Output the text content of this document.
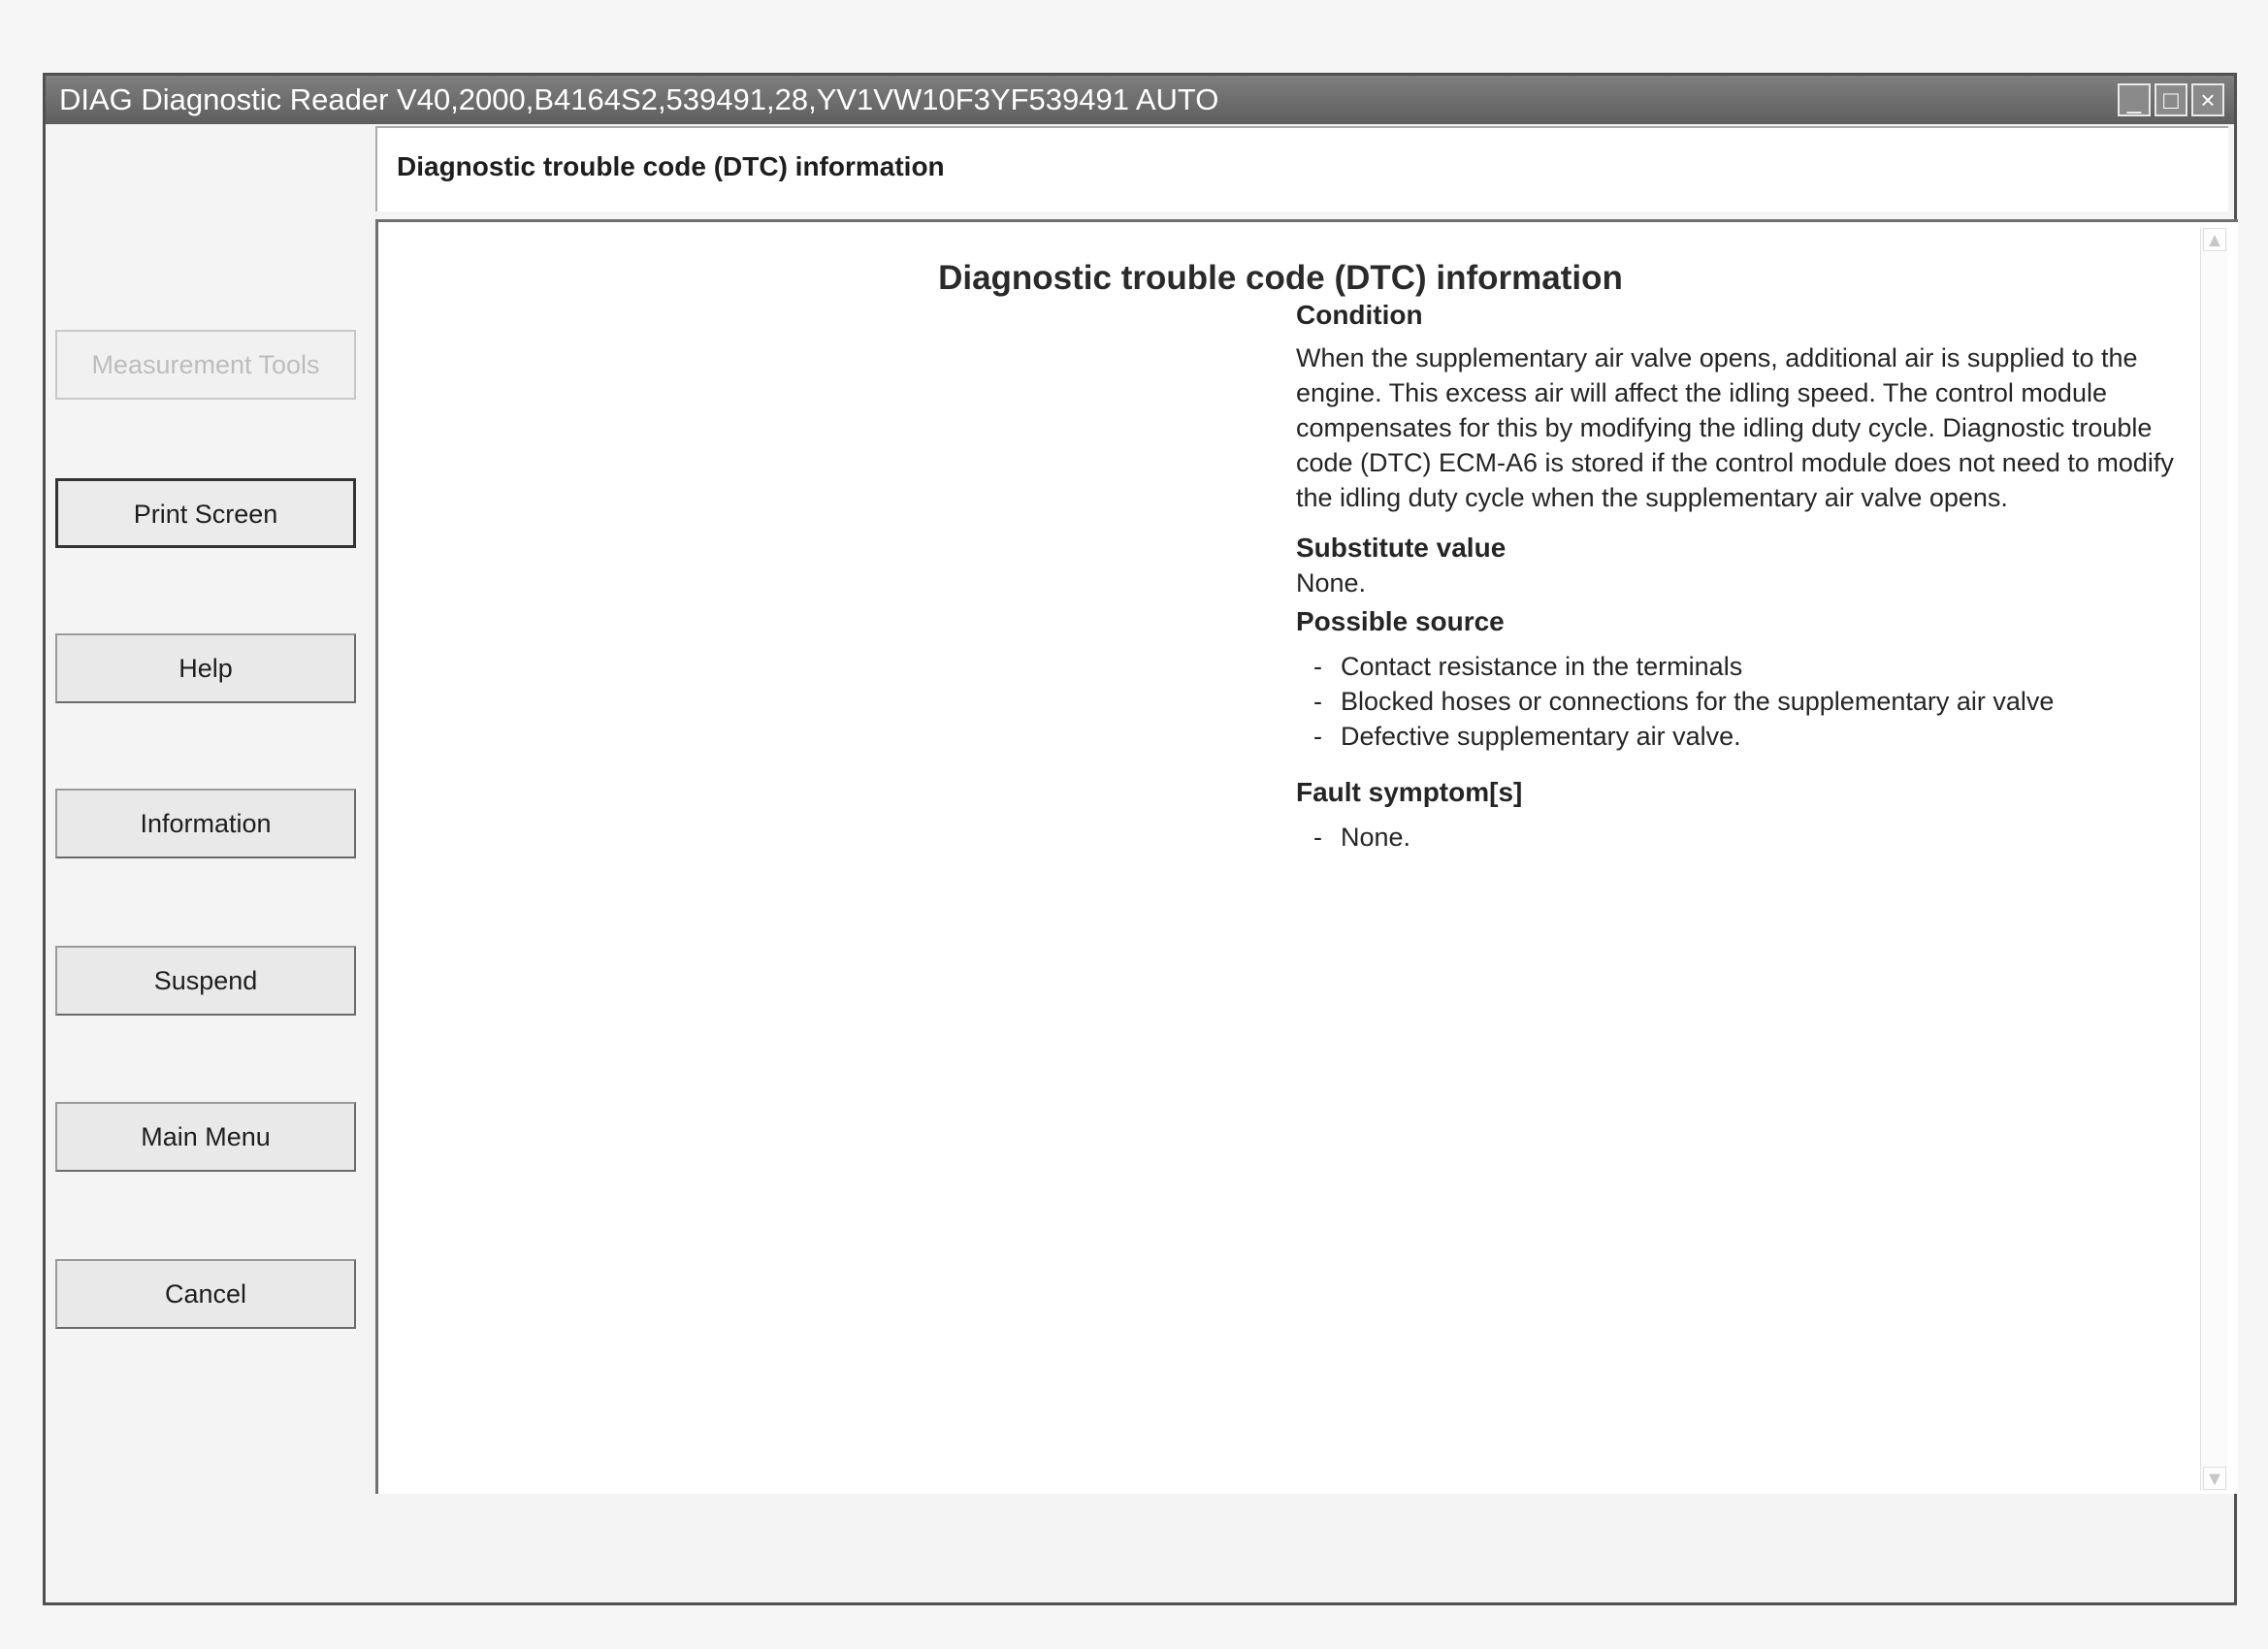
DIAG Diagnostic Reader V40,2000,B4164S2,539491,28,YV1VW10F3YF539491 AUTO	_ □ ×
Measurement Tools
Print Screen
Help
Information
Suspend
Main Menu
Cancel
Diagnostic trouble code (DTC) information
Diagnostic trouble code (DTC) information
Condition

When the supplementary air valve opens, additional air is supplied to the engine. This excess air will affect the idling speed. The control module compensates for this by modifying the idling duty cycle. Diagnostic trouble code (DTC) ECM-A6 is stored if the control module does not need to modify the idling duty cycle when the supplementary air valve opens.

Substitute value

None.

Possible source
- Contact resistance in the terminals
- Blocked hoses or connections for the supplementary air valve
- Defective supplementary air valve.
Fault symptom[s]
- None.
▲
▼
